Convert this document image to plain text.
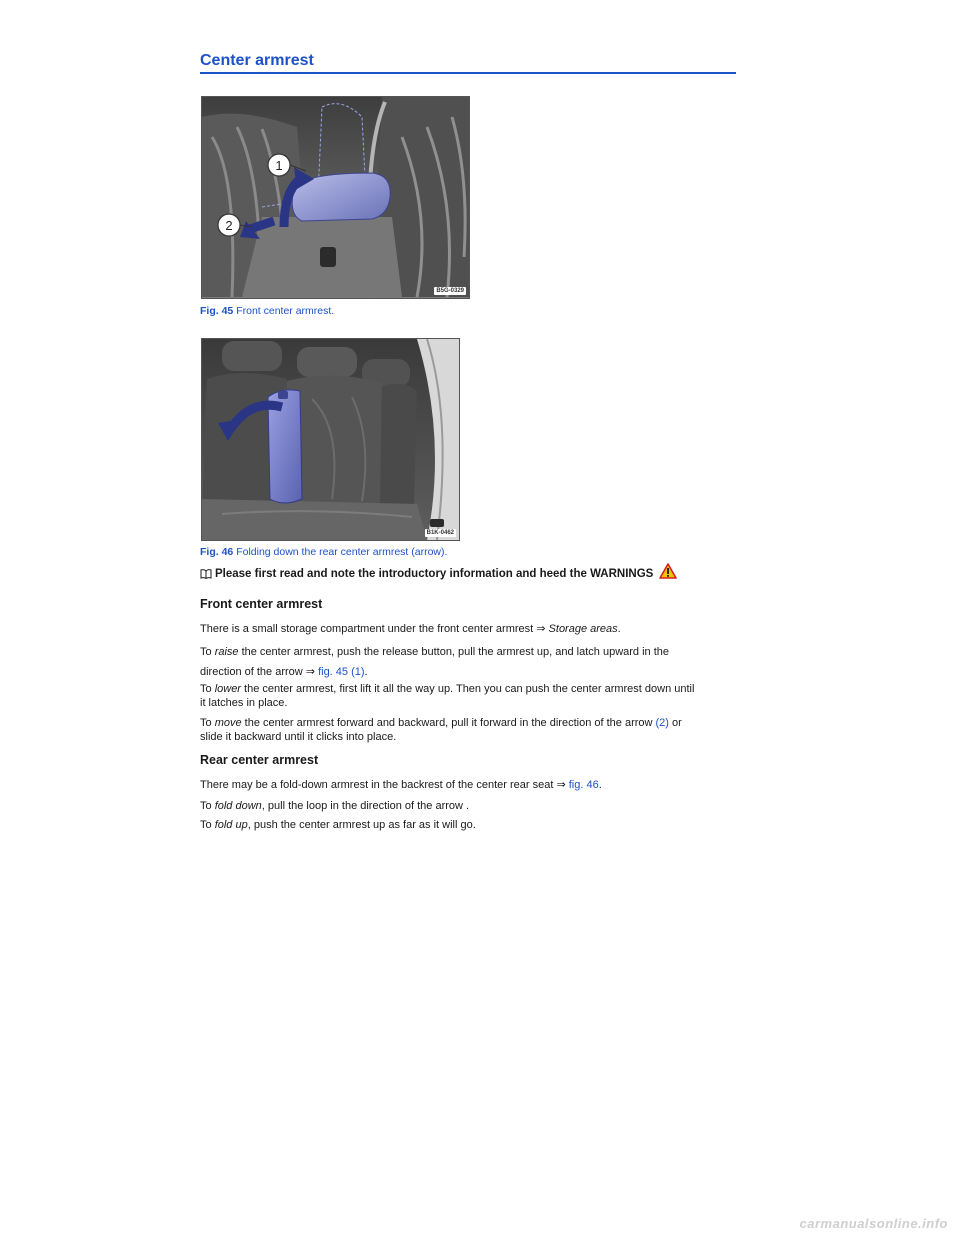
Center armrest
1
2
B5G-0329
Fig. 45 Front center armrest.
B1K-0462
Fig. 46 Folding down the rear center armrest (arrow).
Please first read and note the introductory information and heed the WARNINGS
Front center armrest
There is a small storage compartment under the front center armrest ⇒ Storage areas.
To raise the center armrest, push the release button, pull the armrest up, and latch upward in the
direction of the arrow ⇒ fig. 45 (1).
To lower the center armrest, first lift it all the way up. Then you can push the center armrest down until
it latches in place.
To move the center armrest forward and backward, pull it forward in the direction of the arrow (2) or
slide it backward until it clicks into place.
Rear center armrest
There may be a fold-down armrest in the backrest of the center rear seat ⇒ fig. 46.
To fold down, pull the loop in the direction of the arrow .
To fold up, push the center armrest up as far as it will go.
carmanualsonline.info
